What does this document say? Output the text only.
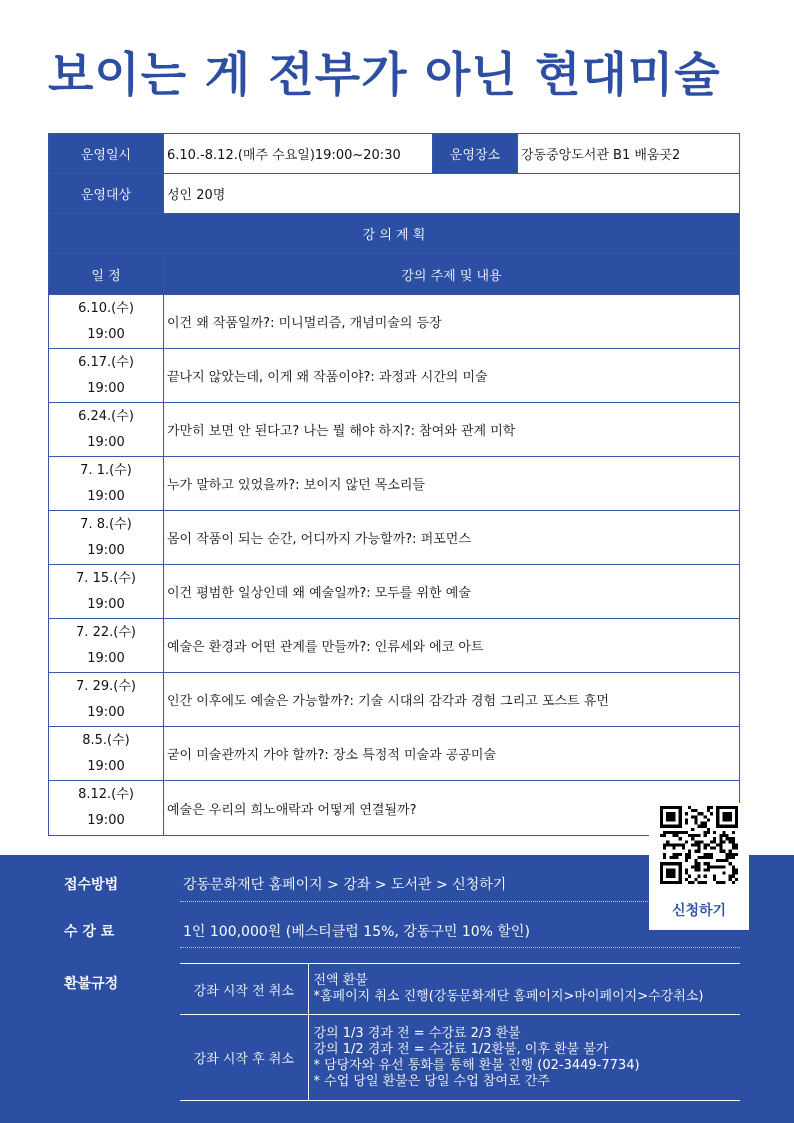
보이는 게 전부가 아닌 현대미술
운영일시	6.10.-8.12.(매주 수요일)19:00~20:30	운영장소	강동중앙도서관 B1 배움곳2
운영대상	성인 20명		
강 의 계 획			
일 정	강의 주제 및 내용		

6.10.(수)
19:00	이건 왜 작품일까?: 미니멀리즘, 개념미술의 등장		

6.17.(수)
19:00	끝나지 않았는데, 이게 왜 작품이야?: 과정과 시간의 미술		

6.24.(수)
19:00	가만히 보면 안 된다고? 나는 뭘 해야 하지?: 참여와 관계 미학		

7. 1.(수)
19:00	누가 말하고 있었을까?: 보이지 않던 목소리들		

7. 8.(수)
19:00	몸이 작품이 되는 순간, 어디까지 가능할까?: 퍼포먼스		

7. 15.(수)
19:00	이건 평범한 일상인데 왜 예술일까?: 모두를 위한 예술		

7. 22.(수)
19:00	예술은 환경과 어떤 관계를 만들까?: 인류세와 에코 아트		

7. 29.(수)
19:00	인간 이후에도 예술은 가능할까?: 기술 시대의 감각과 경험 그리고 포스트 휴먼		

8.5.(수)
19:00	굳이 미술관까지 가야 할까?: 장소 특정적 미술과 공공미술		

8.12.(수)
19:00	예술은 우리의 희노애락과 어떻게 연결될까?		
접수방법	강동문화재단 홈페이지 > 강좌 > 도서관 > 신청하기
수 강 료	1인 100,000원 (베스티클럽 15%, 강동구민 10% 할인)
환불규정	강좌 시작 전 취소	전액 환불
*홈페이지 취소 진행(강동문화재단 홈페이지>마이페이지>수강취소)

강좌 시작 후 취소	강의 1/3 경과 전 = 수강료 2/3 환불
강의 1/2 경과 전 = 수강료 1/2환불, 이후 환불 불가
* 담당자와 유선 통화를 통해 환불 진행 (02-3449-7734)
* 수업 당일 환불은 당일 수업 참여로 간주
신청하기
